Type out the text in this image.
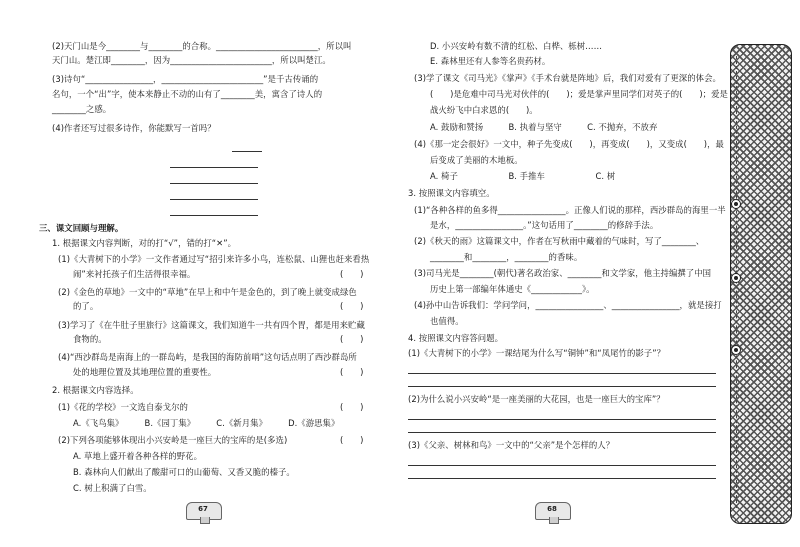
(2)天门山是今________与________的合称。________________________，所以叫
天门山。楚江即________，因为________________________，所以叫楚江。
(3)诗句“________________，________________________”是千古传诵的
名句，一个“出”字，使本来静止不动的山有了________美，寓含了诗人的
________之感。
(4)作者还写过很多诗作，你能默写一首吗？
三、课文回顾与理解。
1. 根据课文内容判断，对的打“√”，错的打“✕”。
(1)《大青树下的小学》一文作者通过写“招引来许多小鸟，连松鼠、山狸也赶来看热
闹”来衬托孩子们生活得很幸福。	(　　)
(2)《金色的草地》一文中的“草地”在早上和中午是金色的，到了晚上就变成绿色
的了。	(　　)
(3)学习了《在牛肚子里旅行》这篇课文，我们知道牛一共有四个胃，都是用来贮藏
食物的。	(　　)
(4)“西沙群岛是南海上的一群岛屿，是我国的海防前哨”这句话点明了西沙群岛所
处的地理位置及其地理位置的重要性。	(　　)
2. 根据课文内容选择。
(1)《花的学校》一文选自泰戈尔的	(　　)
A.《飞鸟集》　　　B.《园丁集》　　　C.《新月集》　　　D.《游思集》
(2)下列各项能够体现出小兴安岭是一座巨大的宝库的是(多选)	(　　)
A. 草地上盛开着各种各样的野花。
B. 森林向人们献出了酸甜可口的山葡萄、又香又脆的榛子。
C. 树上积满了白雪。
67
D. 小兴安岭有数不清的红松、白桦、栎树……
E. 森林里还有人参等名贵药材。
(3)学了课文《司马光》《掌声》《手术台就是阵地》后，我们对爱有了更深的体会。
(　　)是危难中司马光对伙伴的(　　)；爱是掌声里同学们对英子的(　　)；爱是
战火纷飞中白求恩的(　　)。
A. 鼓励和赞扬　　　B. 执着与坚守　　　C. 不抛弃，不放弃
(4)《那一定会很好》一文中，种子先变成(　　)，再变成(　　)，又变成(　　)，最
后变成了美丽的木地板。
A. 椅子　　　　　　B. 手推车　　　　　　C. 树
3. 按照课文内容填空。
(1)“各种各样的鱼多得________________。正像人们说的那样，西沙群岛的海里一半
是水，________________。”这句话用了________的修辞手法。
(2)《秋天的雨》这篇课文中，作者在写秋雨中藏着的气味时，写了________、
________和________，________的香味。
(3)司马光是________(朝代)著名政治家、________和文学家，他主持编撰了中国
历史上第一部编年体通史《____________》。
(4)孙中山告诉我们：学问学问，________________、________________，就是接打
也值得。
4. 按照课文内容答问题。
(1)《大青树下的小学》一课结尾为什么写“铜钟”和“凤尾竹的影子”？
(2)为什么说小兴安岭“是一座美丽的大花园，也是一座巨大的宝库”？
(3)《父亲、树林和鸟》一文中的“父亲”是个怎样的人？
68
